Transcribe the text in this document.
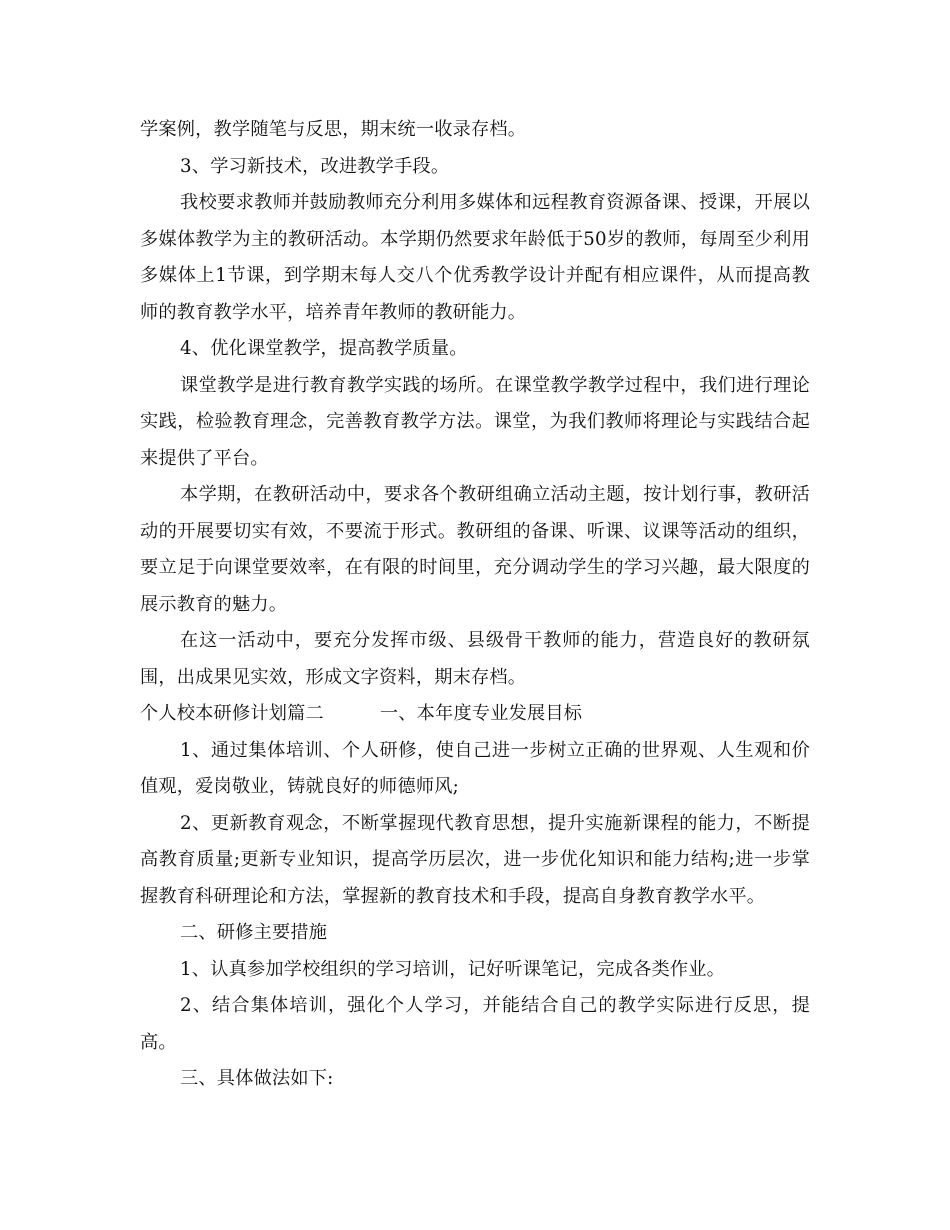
学案例，教学随笔与反思，期末统一收录存档。

3、学习新技术，改进教学手段。

我校要求教师并鼓励教师充分利用多媒体和远程教育资源备课、授课，开展以多媒体教学为主的教研活动。本学期仍然要求年龄低于50岁的教师，每周至少利用多媒体上1节课，到学期末每人交八个优秀教学设计并配有相应课件，从而提高教师的教育教学水平，培养青年教师的教研能力。

4、优化课堂教学，提高教学质量。

课堂教学是进行教育教学实践的场所。在课堂教学教学过程中，我们进行理论实践，检验教育理念，完善教育教学方法。课堂，为我们教师将理论与实践结合起来提供了平台。

本学期，在教研活动中，要求各个教研组确立活动主题，按计划行事，教研活动的开展要切实有效，不要流于形式。教研组的备课、听课、议课等活动的组织，要立足于向课堂要效率，在有限的时间里，充分调动学生的学习兴趣，最大限度的展示教育的魅力。

在这一活动中，要充分发挥市级、县级骨干教师的能力，营造良好的教研氛围，出成果见实效，形成文字资料，期末存档。

个人校本研修计划篇二	一、本年度专业发展目标

1、通过集体培训、个人研修，使自己进一步树立正确的世界观、人生观和价值观，爱岗敬业，铸就良好的师德师风;

2、更新教育观念，不断掌握现代教育思想，提升实施新课程的能力，不断提高教育质量;更新专业知识，提高学历层次，进一步优化知识和能力结构;进一步掌握教育科研理论和方法，掌握新的教育技术和手段，提高自身教育教学水平。

二、研修主要措施

1、认真参加学校组织的学习培训，记好听课笔记，完成各类作业。

2、结合集体培训，强化个人学习，并能结合自己的教学实际进行反思，提高。

三、具体做法如下:
